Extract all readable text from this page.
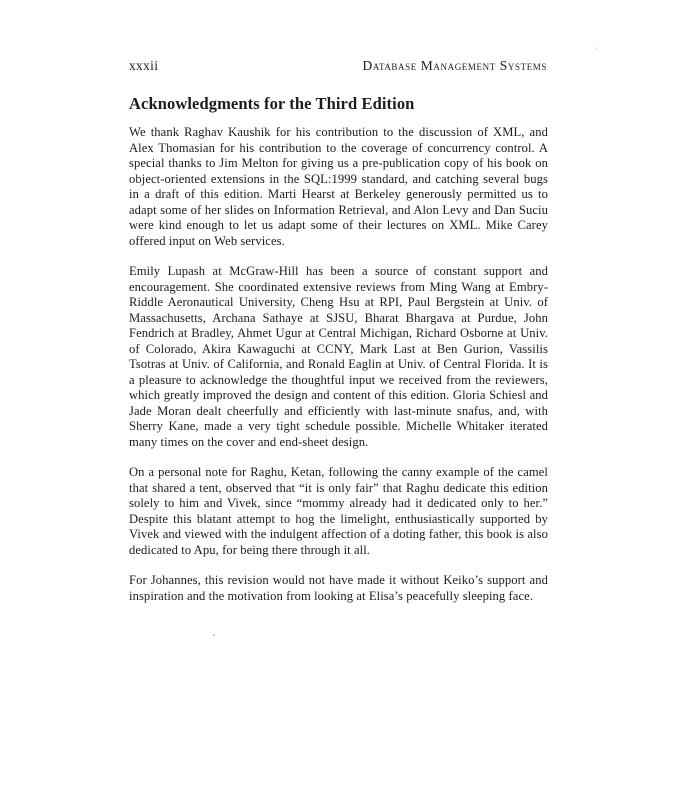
xxxii	Database Management Systems
Acknowledgments for the Third Edition

We thank Raghav Kaushik for his contribution to the discussion of XML, and Alex Thomasian for his contribution to the coverage of concurrency control. A special thanks to Jim Melton for giving us a pre-publication copy of his book on object-oriented extensions in the SQL:1999 standard, and catching several bugs in a draft of this edition. Marti Hearst at Berkeley generously permitted us to adapt some of her slides on Information Retrieval, and Alon Levy and Dan Suciu were kind enough to let us adapt some of their lectures on XML. Mike Carey offered input on Web services.

Emily Lupash at McGraw-Hill has been a source of constant support and encouragement. She coordinated extensive reviews from Ming Wang at Embry-Riddle Aeronautical University, Cheng Hsu at RPI, Paul Bergstein at Univ. of Massachusetts, Archana Sathaye at SJSU, Bharat Bhargava at Purdue, John Fendrich at Bradley, Ahmet Ugur at Central Michigan, Richard Osborne at Univ. of Colorado, Akira Kawaguchi at CCNY, Mark Last at Ben Gurion, Vassilis Tsotras at Univ. of California, and Ronald Eaglin at Univ. of Central Florida. It is a pleasure to acknowledge the thoughtful input we received from the reviewers, which greatly improved the design and content of this edition. Gloria Schiesl and Jade Moran dealt cheerfully and efficiently with last-minute snafus, and, with Sherry Kane, made a very tight schedule possible. Michelle Whitaker iterated many times on the cover and end-sheet design.

On a personal note for Raghu, Ketan, following the canny example of the camel that shared a tent, observed that “it is only fair” that Raghu dedicate this edition solely to him and Vivek, since “mommy already had it dedicated only to her.” Despite this blatant attempt to hog the limelight, enthusiastically supported by Vivek and viewed with the indulgent affection of a doting father, this book is also dedicated to Apu, for being there through it all.

For Johannes, this revision would not have made it without Keiko’s support and inspiration and the motivation from looking at Elisa’s peacefully sleeping face.
